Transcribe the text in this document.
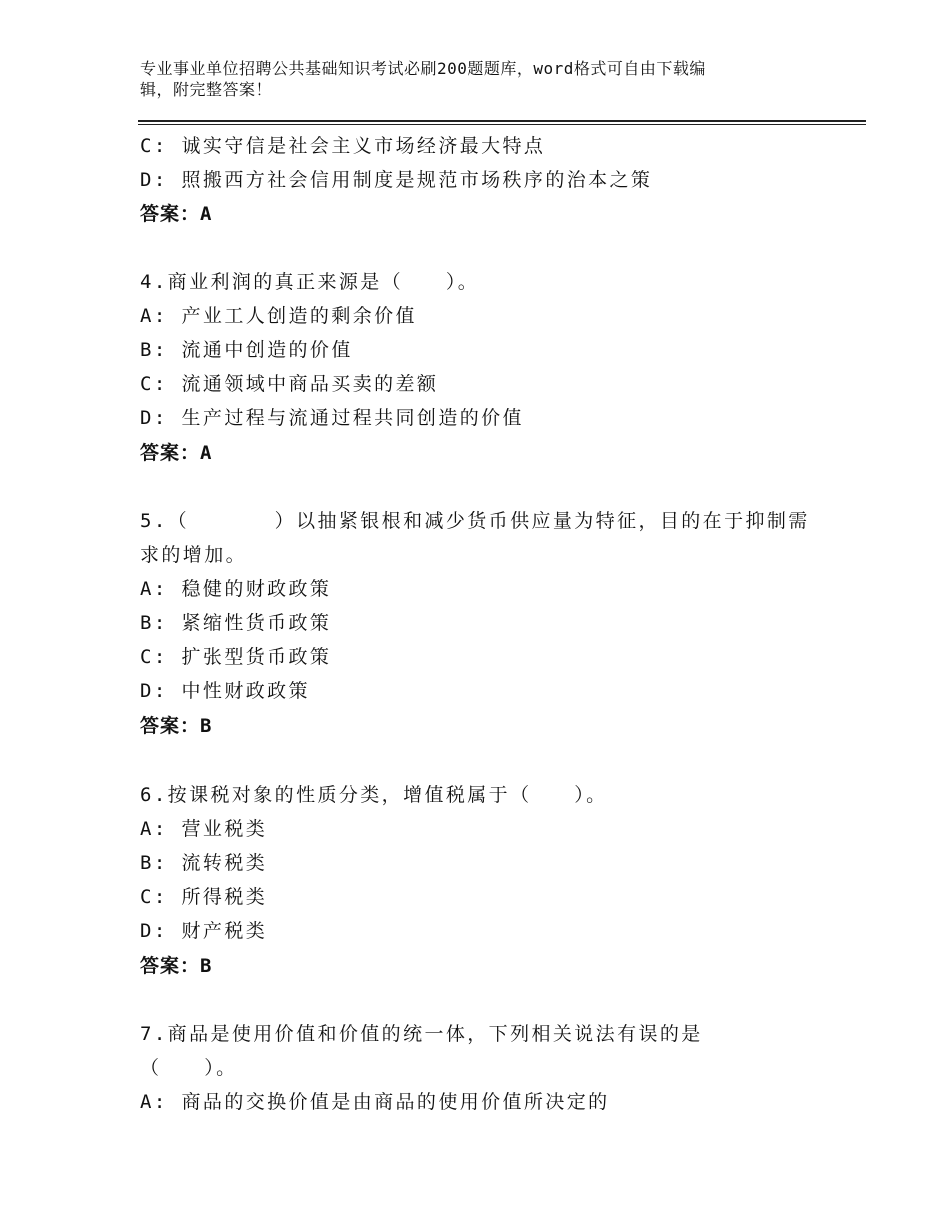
专业事业单位招聘公共基础知识考试必刷200题题库，word格式可自由下载编
辑，附完整答案！
C: 诚实守信是社会主义市场经济最大特点
D: 照搬西方社会信用制度是规范市场秩序的治本之策
答案：A
4.商业利润的真正来源是（　　）。
A: 产业工人创造的剩余价值
B: 流通中创造的价值
C: 流通领域中商品买卖的差额
D: 生产过程与流通过程共同创造的价值
答案：A
5.（　　　　）以抽紧银根和减少货币供应量为特征，目的在于抑制需
求的增加。
A: 稳健的财政政策
B: 紧缩性货币政策
C: 扩张型货币政策
D: 中性财政政策
答案：B
6.按课税对象的性质分类，增值税属于（　　）。
A: 营业税类
B: 流转税类
C: 所得税类
D: 财产税类
答案：B
7.商品是使用价值和价值的统一体，下列相关说法有误的是
（　　）。
A: 商品的交换价值是由商品的使用价值所决定的
